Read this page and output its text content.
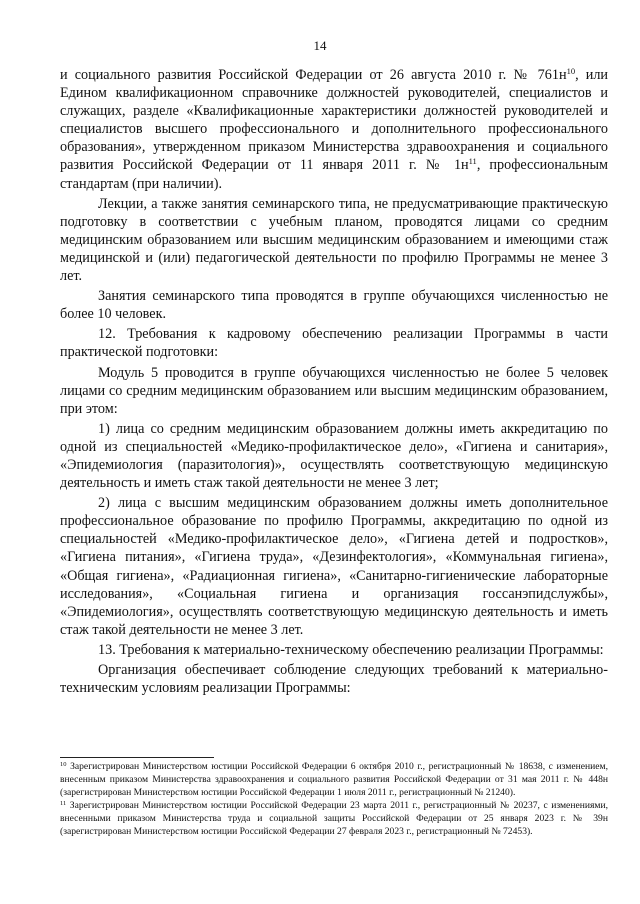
14

и социального развития Российской Федерации от 26 августа 2010 г. № $761н^{10}$, или Едином квалификационном справочнике должностей руководителей, специалистов и служащих, разделе «Квалификационные характеристики должностей руководителей и специалистов высшего профессионального и дополнительного профессионального образования», утвержденном приказом Министерства здравоохранения и социального развития Российской Федерации от 11 января 2011 г. № $1н^{11}$, профессиональным стандартам (при наличии).

Лекции, а также занятия семинарского типа, не предусматривающие практическую подготовку в соответствии с учебным планом, проводятся лицами со средним медицинским образованием или высшим медицинским образованием и имеющими стаж медицинской и (или) педагогической деятельности по профилю Программы не менее 3 лет.

Занятия семинарского типа проводятся в группе обучающихся численностью не более 10 человек.

12. Требования к кадровому обеспечению реализации Программы в части практической подготовки:

Модуль 5 проводится в группе обучающихся численностью не более 5 человек лицами со средним медицинским образованием или высшим медицинским образованием, при этом:

1) лица со средним медицинским образованием должны иметь аккредитацию по одной из специальностей «Медико-профилактическое дело», «Гигиена и санитария», «Эпидемиология (паразитология)», осуществлять соответствующую медицинскую деятельность и иметь стаж такой деятельности не менее 3 лет;

2) лица с высшим медицинским образованием должны иметь дополнительное профессиональное образование по профилю Программы, аккредитацию по одной из специальностей «Медико-профилактическое дело», «Гигиена детей и подростков», «Гигиена питания», «Гигиена труда», «Дезинфектология», «Коммунальная гигиена», «Общая гигиена», «Радиационная гигиена», «Санитарно-гигиенические лабораторные исследования», «Социальная гигиена и организация госсанэпидслужбы», «Эпидемиология», осуществлять соответствующую медицинскую деятельность и иметь стаж такой деятельности не менее 3 лет.

13. Требования к материально-техническому обеспечению реализации Программы:

Организация обеспечивает соблюдение следующих требований к материально-техническим условиям реализации Программы:

$^{10}$ Зарегистрирован Министерством юстиции Российской Федерации 6 октября 2010 г., регистрационный № 18638, с изменением, внесенным приказом Министерства здравоохранения и социального развития Российской Федерации от 31 мая 2011 г. № 448н (зарегистрирован Министерством юстиции Российской Федерации 1 июля 2011 г., регистрационный № 21240).

$^{11}$ Зарегистрирован Министерством юстиции Российской Федерации 23 марта 2011 г., регистрационный № 20237, с изменениями, внесенными приказом Министерства труда и социальной защиты Российской Федерации от 25 января 2023 г. № 39н (зарегистрирован Министерством юстиции Российской Федерации 27 февраля 2023 г., регистрационный № 72453).
